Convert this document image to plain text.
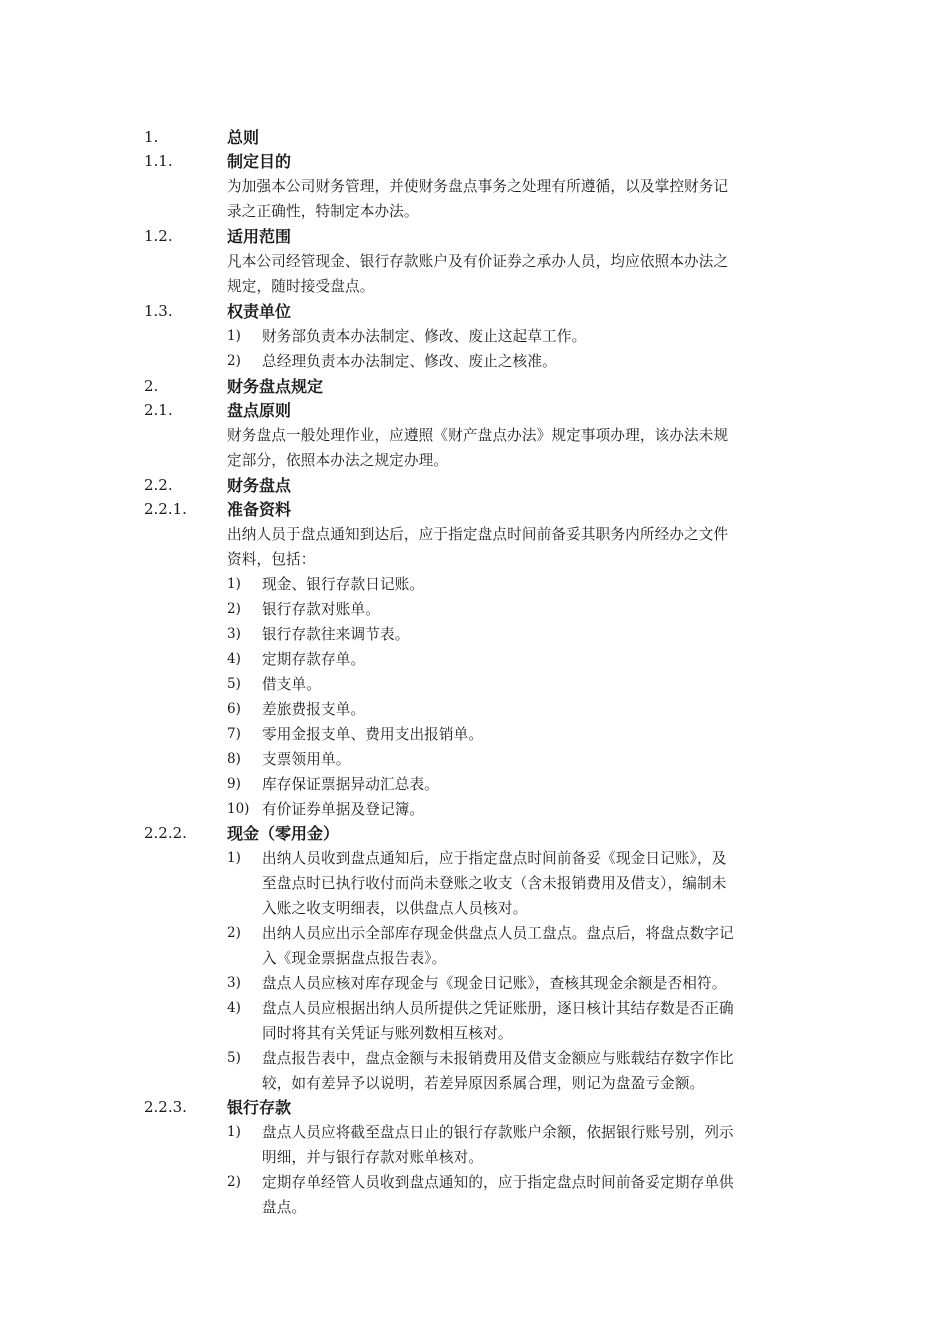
1.	总则
1.1.	制定目的
为加强本公司财务管理，并使财务盘点事务之处理有所遵循，以及掌控财务记
录之正确性，特制定本办法。
1.2.	适用范围
凡本公司经管现金、银行存款账户及有价证券之承办人员，均应依照本办法之
规定，随时接受盘点。
1.3.	权责单位
1) 财务部负责本办法制定、修改、废止这起草工作。
2) 总经理负责本办法制定、修改、废止之核准。
2.	财务盘点规定
2.1.	盘点原则
财务盘点一般处理作业，应遵照《财产盘点办法》规定事项办理，该办法未规
定部分，依照本办法之规定办理。
2.2.	财务盘点
2.2.1.	准备资料
出纳人员于盘点通知到达后，应于指定盘点时间前备妥其职务内所经办之文件
资料，包括：
1) 现金、银行存款日记账。
2) 银行存款对账单。
3) 银行存款往来调节表。
4) 定期存款存单。
5) 借支单。
6) 差旅费报支单。
7) 零用金报支单、费用支出报销单。
8) 支票领用单。
9) 库存保证票据异动汇总表。
10) 有价证券单据及登记簿。
2.2.2.	现金（零用金）
1) 出纳人员收到盘点通知后，应于指定盘点时间前备妥《现金日记账》，及
至盘点时已执行收付而尚未登账之收支（含未报销费用及借支），编制未
入账之收支明细表，以供盘点人员核对。
2) 出纳人员应出示全部库存现金供盘点人员工盘点。盘点后，将盘点数字记
入《现金票据盘点报告表》。
3) 盘点人员应核对库存现金与《现金日记账》，查核其现金余额是否相符。
4) 盘点人员应根据出纳人员所提供之凭证账册，逐日核计其结存数是否正确
同时将其有关凭证与账列数相互核对。
5) 盘点报告表中，盘点金额与未报销费用及借支金额应与账载结存数字作比
较，如有差异予以说明，若差异原因系属合理，则记为盘盈亏金额。
2.2.3.	银行存款
1) 盘点人员应将截至盘点日止的银行存款账户余额，依据银行账号别，列示
明细，并与银行存款对账单核对。
2) 定期存单经管人员收到盘点通知的，应于指定盘点时间前备妥定期存单供
盘点。
